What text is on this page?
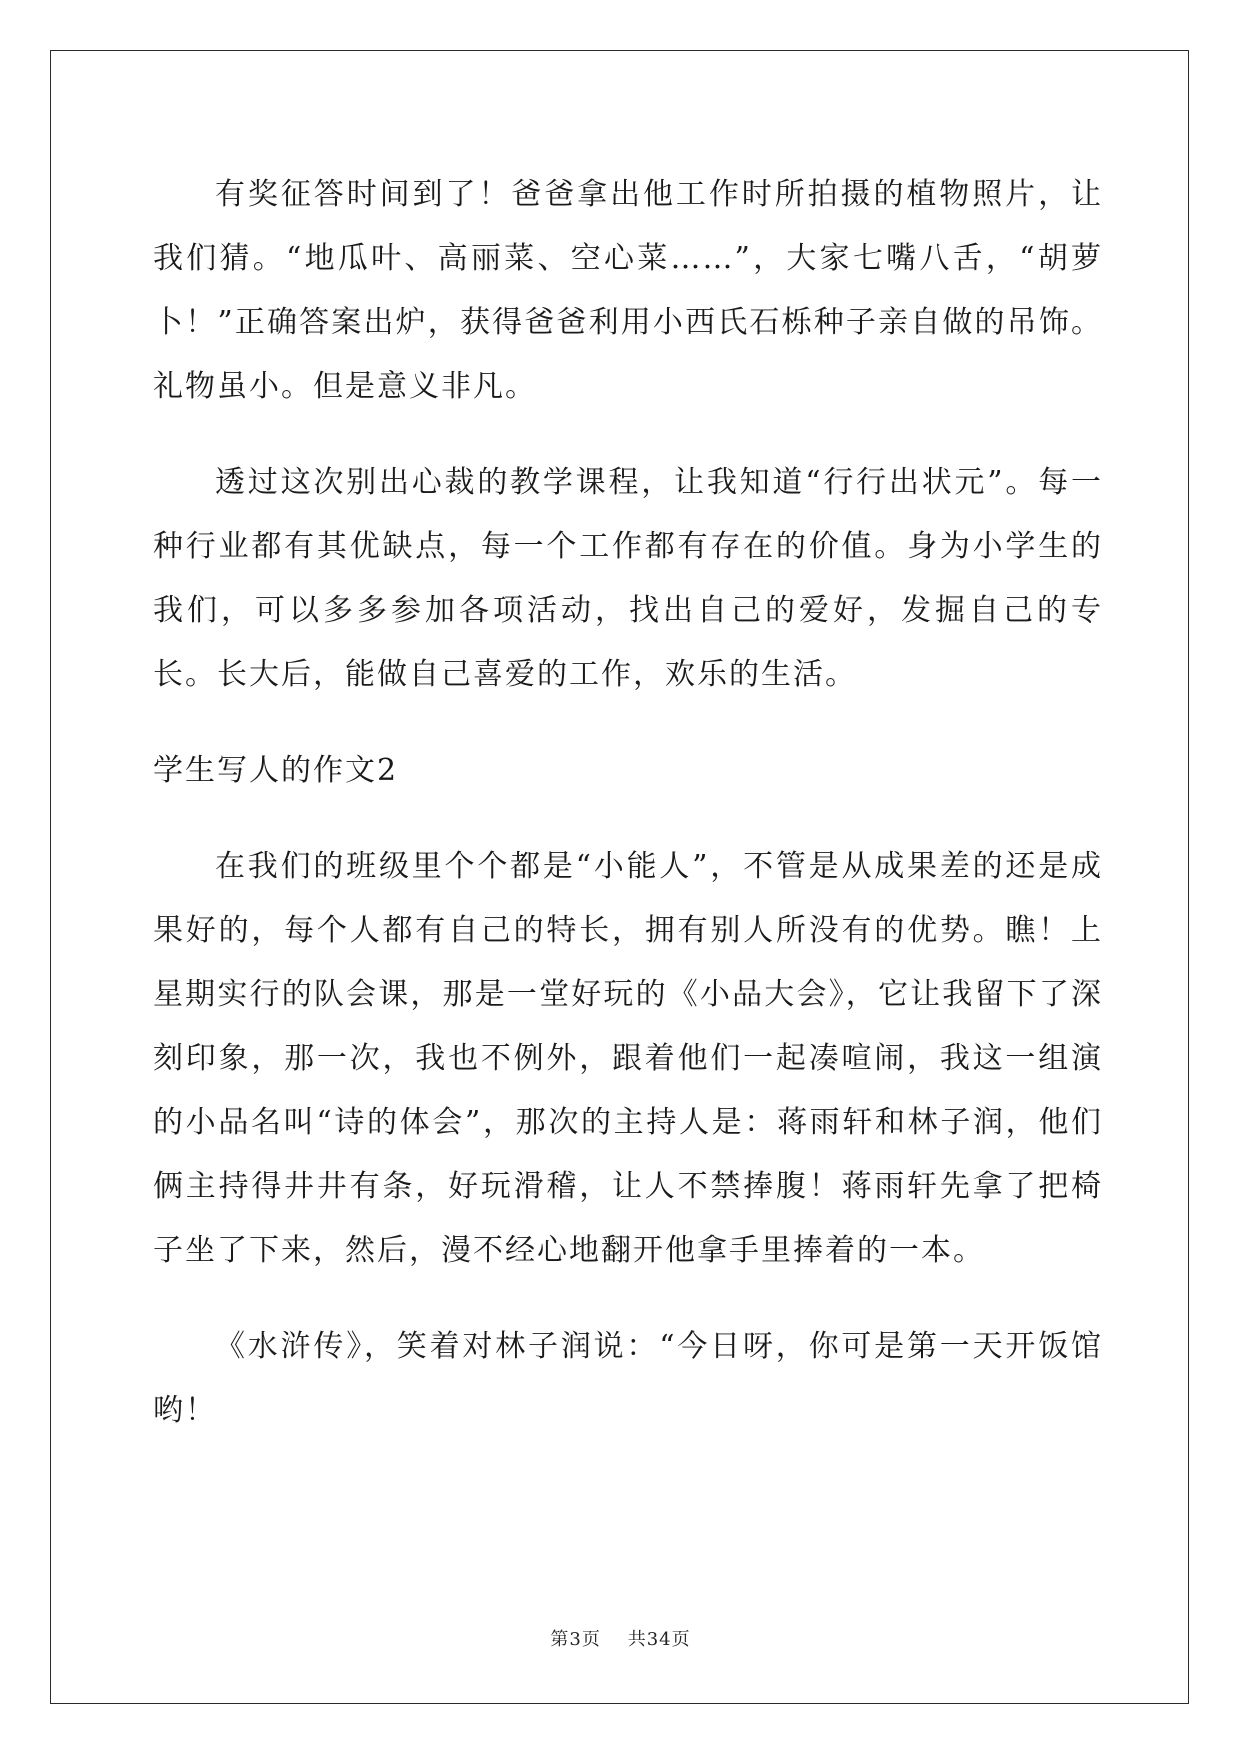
有奖征答时间到了！爸爸拿出他工作时所拍摄的植物照片，让我们猜。“地瓜叶、高丽菜、空心菜……”，大家七嘴八舌，“胡萝卜！”正确答案出炉，获得爸爸利用小西氏石栎种子亲自做的吊饰。礼物虽小。但是意义非凡。

透过这次别出心裁的教学课程，让我知道“行行出状元”。每一种行业都有其优缺点，每一个工作都有存在的价值。身为小学生的我们，可以多多参加各项活动，找出自己的爱好，发掘自己的专长。长大后，能做自己喜爱的工作，欢乐的生活。

学生写人的作文2

在我们的班级里个个都是“小能人”，不管是从成果差的还是成果好的，每个人都有自己的特长，拥有别人所没有的优势。瞧！上星期实行的队会课，那是一堂好玩的《小品大会》，它让我留下了深刻印象，那一次，我也不例外，跟着他们一起凑喧闹，我这一组演的小品名叫“诗的体会”，那次的主持人是：蒋雨轩和林子润，他们俩主持得井井有条，好玩滑稽，让人不禁捧腹！蒋雨轩先拿了把椅子坐了下来，然后，漫不经心地翻开他拿手里捧着的一本。

《水浒传》，笑着对林子润说：“今日呀，你可是第一天开饭馆哟！

第3页 共34页
